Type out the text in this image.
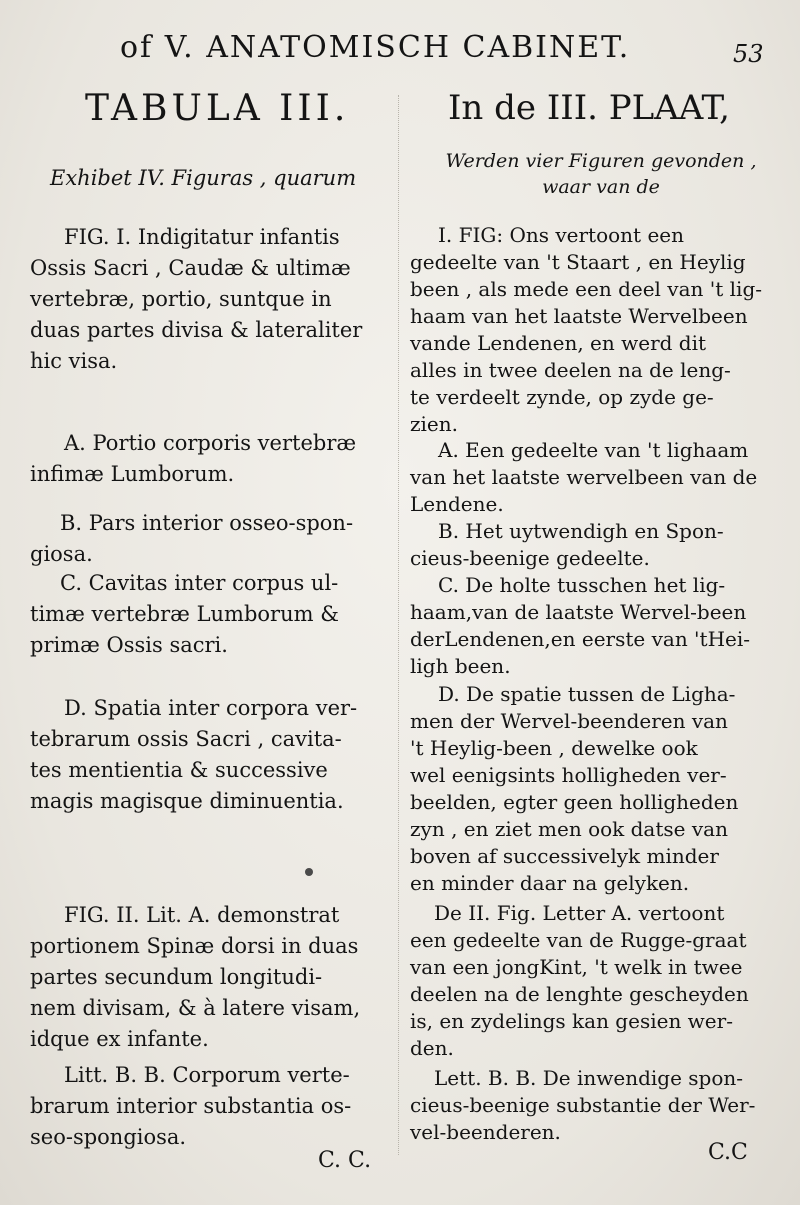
of V. ANATOMISCH CABINET.	53
TABULA III.
Exhibet IV. Figuras , quarum
In de III. PLAAT,
Werden vier Figuren gevonden ,
waar van de
FIG. I. Indigitatur infantis
Ossis Sacri , Caudæ & ultimæ
vertebræ, portio, suntque in
duas partes divisa & lateraliter
hic visa.
A. Portio corporis vertebræ
infimæ Lumborum.
B. Pars interior osseo-spon-
giosa.
C. Cavitas inter corpus ul-
timæ vertebræ Lumborum &
primæ Ossis sacri.
D. Spatia inter corpora ver-
tebrarum ossis Sacri , cavita-
tes mentientia & successive
magis magisque diminuentia.
FIG. II. Lit. A. demonstrat
portionem Spinæ dorsi in duas
partes secundum longitudi-
nem divisam, & à latere visam,
idque ex infante.
Litt. B. B. Corporum verte-
brarum interior substantia os-
seo-spongiosa.
I. FIG: Ons vertoont een
gedeelte van 't Staart , en Heylig
been , als mede een deel van 't lig-
haam van het laatste Wervelbeen
vande Lendenen, en werd dit
alles in twee deelen na de leng-
te verdeelt zynde, op zyde ge-
zien.
A. Een gedeelte van 't lighaam
van het laatste wervelbeen van de
Lendene.
B. Het uytwendigh en Spon-
cieus-beenige gedeelte.
C. De holte tusschen het lig-
haam,van de laatste Wervel-been
derLendenen,en eerste van 'tHei-
ligh been.
D. De spatie tussen de Ligha-
men der Wervel-beenderen van
't Heylig-been , dewelke ook
wel eenigsints holligheden ver-
beelden, egter geen holligheden
zyn , en ziet men ook datse van
boven af successivelyk minder
en minder daar na gelyken.
De II. Fig. Letter A. vertoont
een gedeelte van de Rugge-graat
van een jongKint, 't welk in twee
deelen na de lenghte gescheyden
is, en zydelings kan gesien wer-
den.
Lett. B. B. De inwendige spon-
cieus-beenige substantie der Wer-
vel-beenderen.
C. C.	C.C
